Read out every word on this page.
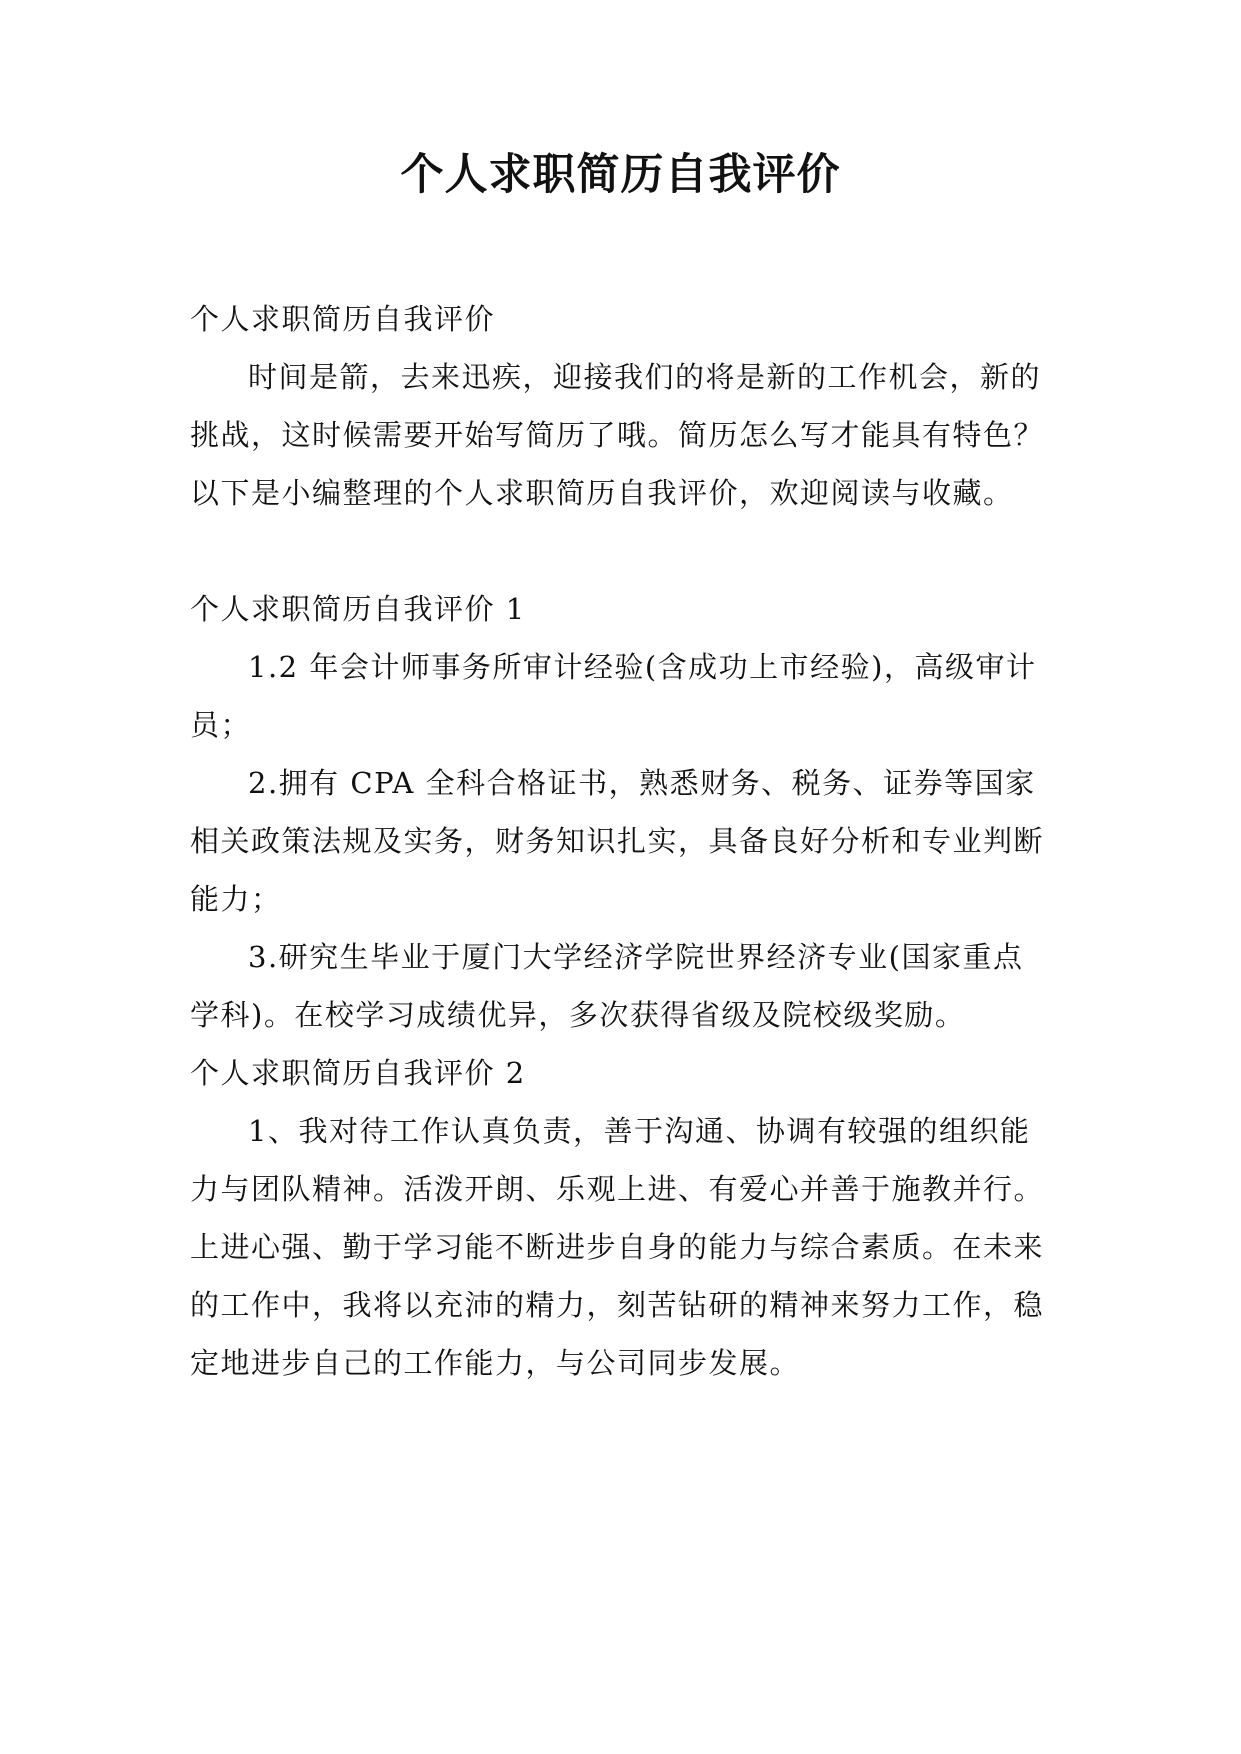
个人求职简历自我评价

个人求职简历自我评价

时间是箭，去来迅疾，迎接我们的将是新的工作机会，新的挑战，这时候需要开始写简历了哦。简历怎么写才能具有特色？以下是小编整理的个人求职简历自我评价，欢迎阅读与收藏。

个人求职简历自我评价 1

1.2 年会计师事务所审计经验(含成功上市经验)，高级审计员；

2.拥有 CPA 全科合格证书，熟悉财务、税务、证券等国家相关政策法规及实务，财务知识扎实，具备良好分析和专业判断能力；

3.研究生毕业于厦门大学经济学院世界经济专业(国家重点学科)。在校学习成绩优异，多次获得省级及院校级奖励。

个人求职简历自我评价 2

1、我对待工作认真负责，善于沟通、协调有较强的组织能力与团队精神。活泼开朗、乐观上进、有爱心并善于施教并行。上进心强、勤于学习能不断进步自身的能力与综合素质。在未来的工作中，我将以充沛的精力，刻苦钻研的精神来努力工作，稳定地进步自己的工作能力，与公司同步发展。
